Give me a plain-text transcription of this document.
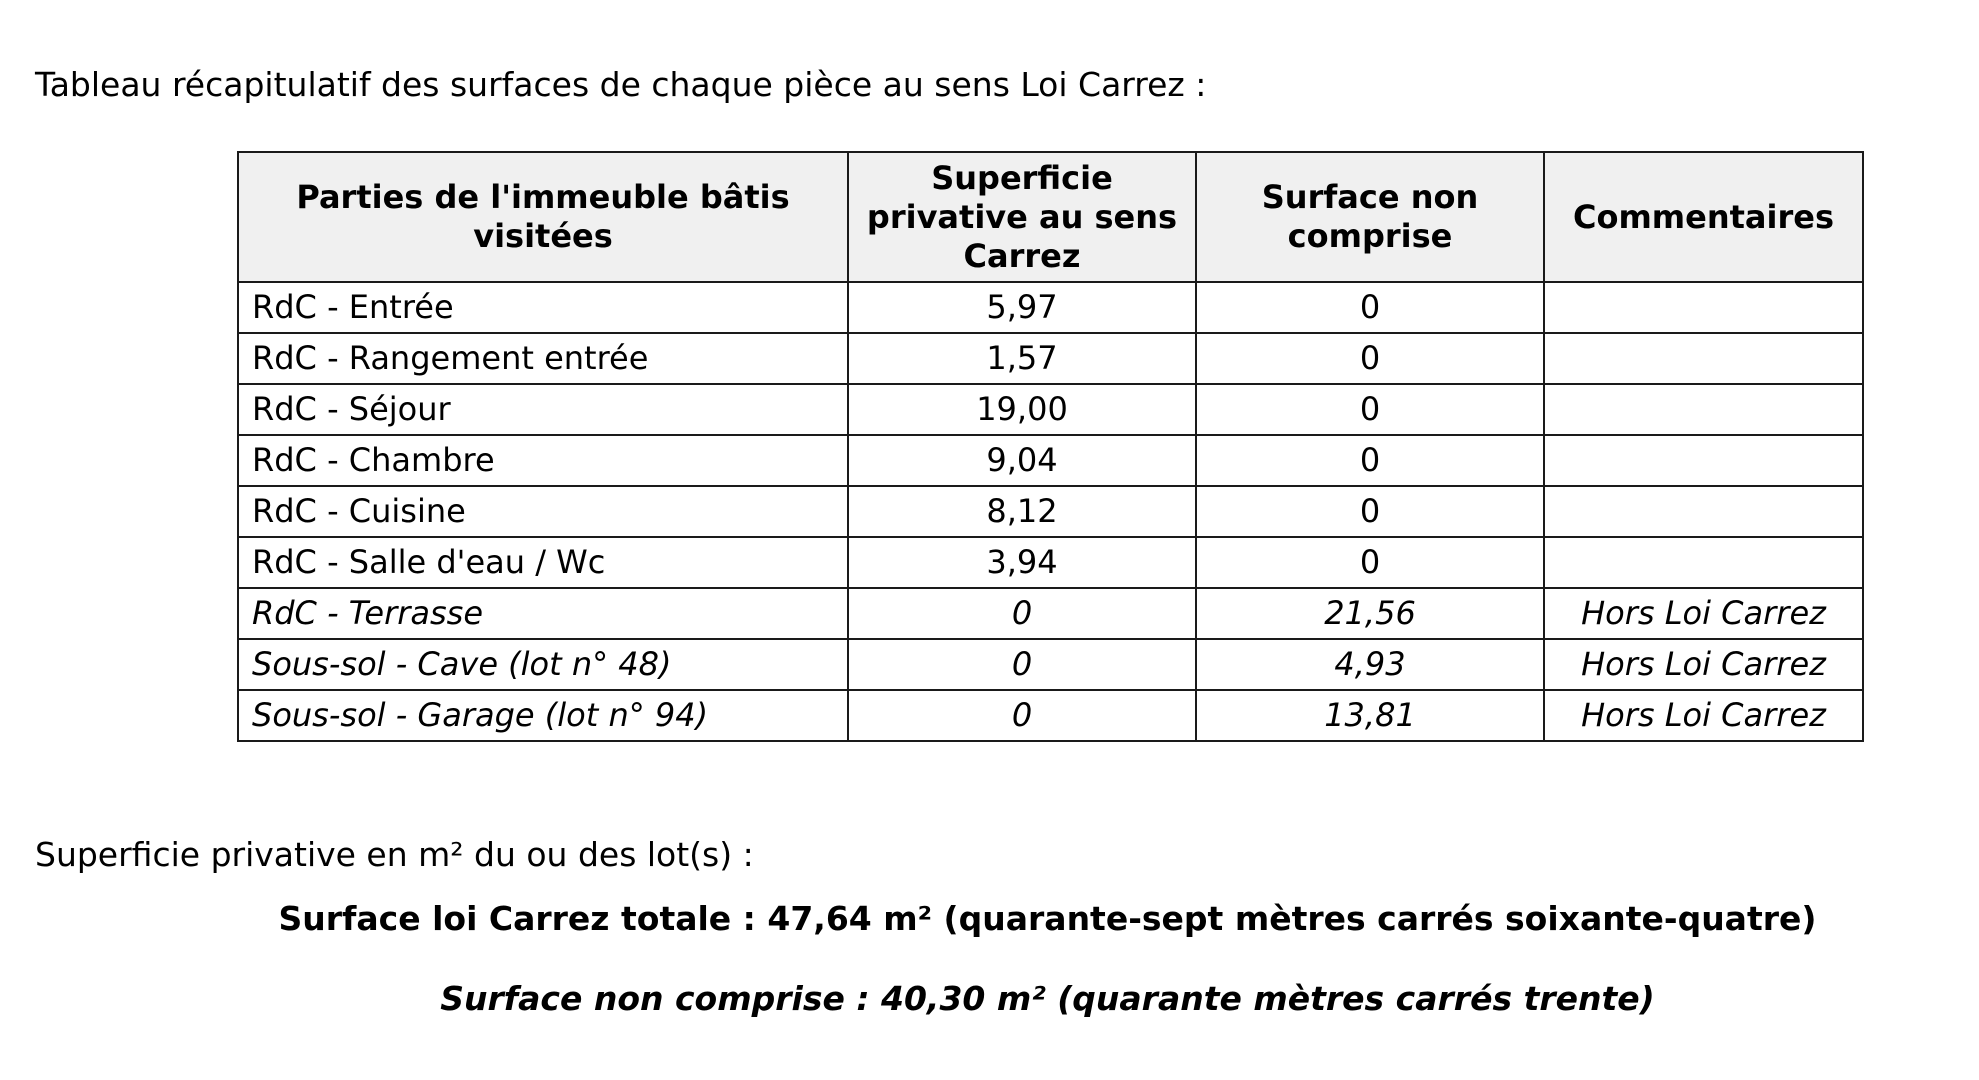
Tableau récapitulatif des surfaces de chaque pièce au sens Loi Carrez :
Parties de l'immeuble bâtis visitées	Superficie privative au sens Carrez	Surface non comprise	Commentaires
RdC - Entrée	5,97	0	
RdC - Rangement entrée	1,57	0	
RdC - Séjour	19,00	0	
RdC - Chambre	9,04	0	
RdC - Cuisine	8,12	0	
RdC - Salle d'eau / Wc	3,94	0	
RdC - Terrasse	0	21,56	Hors Loi Carrez
Sous-sol - Cave (lot n° 48)	0	4,93	Hors Loi Carrez
Sous-sol - Garage (lot n° 94)	0	13,81	Hors Loi Carrez
Superficie privative en m² du ou des lot(s) :
Surface loi Carrez totale : 47,64 m² (quarante-sept mètres carrés soixante-quatre)
Surface non comprise : 40,30 m² (quarante mètres carrés trente)
